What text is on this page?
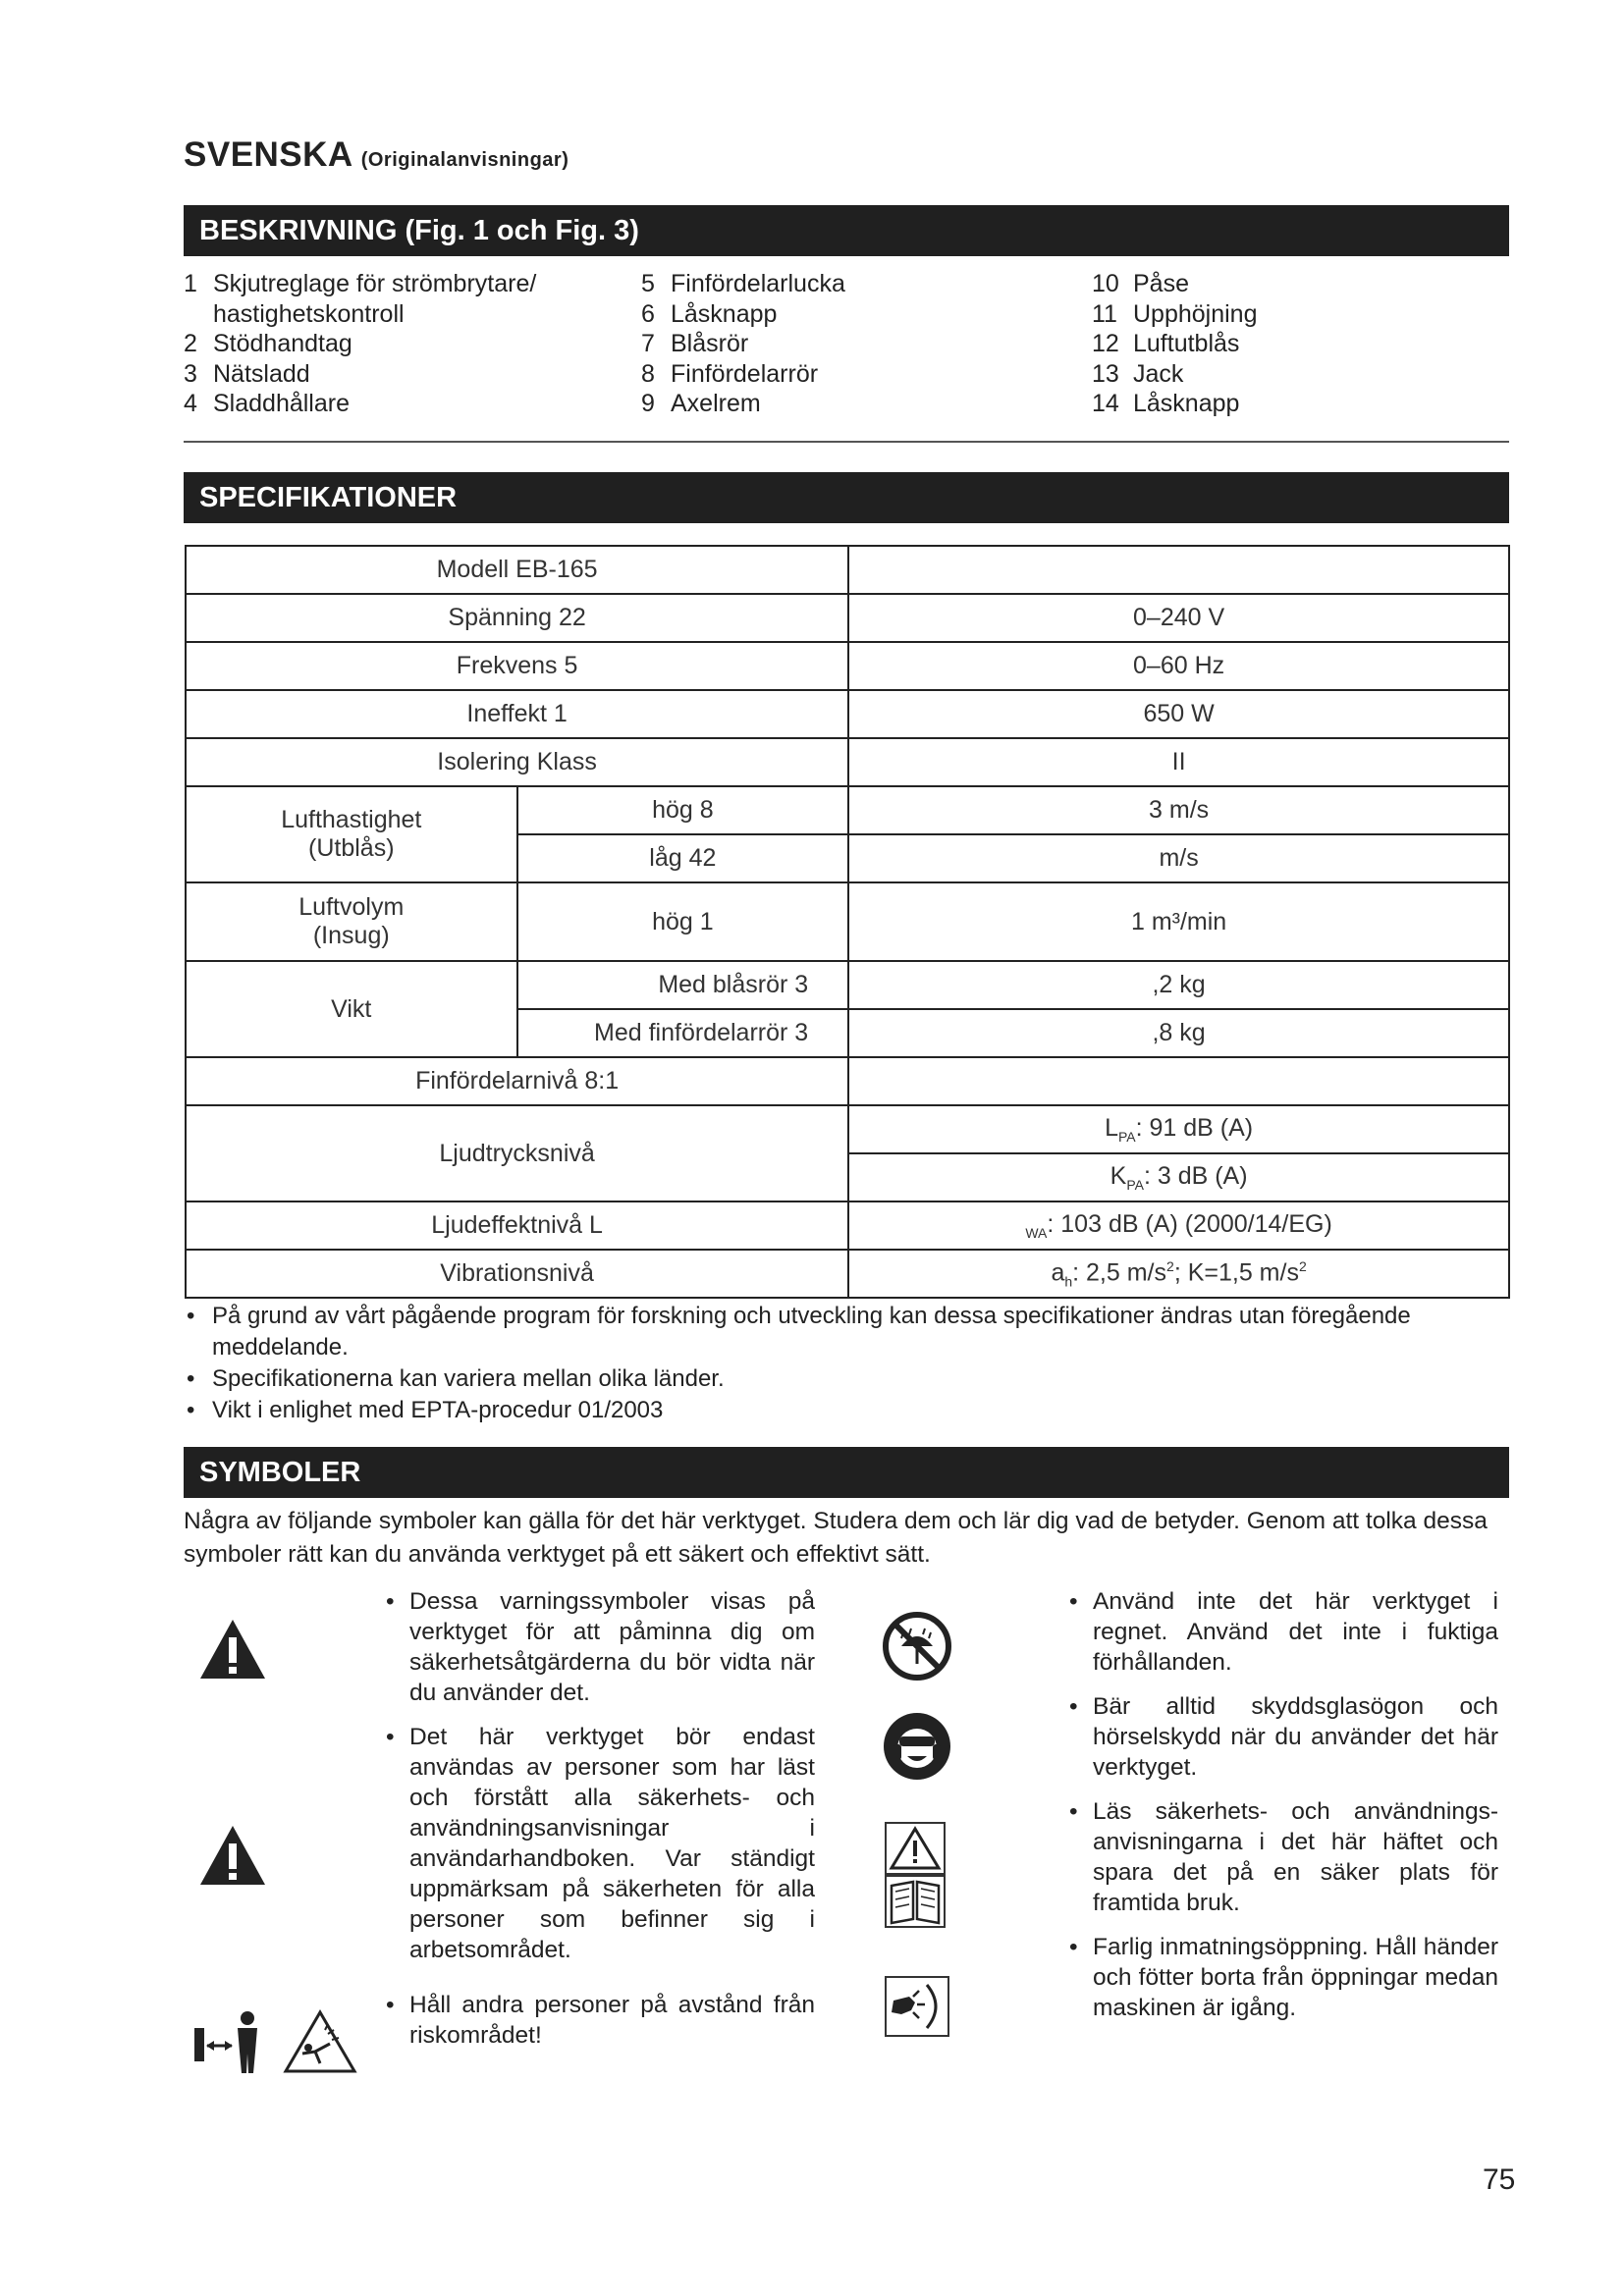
SVENSKA (Originalanvisningar)
BESKRIVNING (Fig. 1 och Fig. 3)
1 Skjutreglage för strömbrytare/
hastighetskontroll
2 Stödhandtag
3 Nätsladd
4 Sladdhållare
5 Finfördelarlucka
6 Låsknapp
7 Blåsrör
8 Finfördelarrör
9 Axelrem
10 Påse
11 Upphöjning
12 Luftutblås
13 Jack
14 Låsknapp
SPECIFIKATIONER
Modell EB-165		
Spänning 22		0–240 V
Frekvens 5		0–60 Hz
Ineffekt 1		650 W
Isolering Klass		II

Lufthastighet
(Utblås)	hög 8	3 m/s
	låg 42	m/s

Luftvolym
(Insug)	hög 1	1 m³/min
Vikt	Med blåsrör 3	,2 kg
	Med finfördelarrör 3	,8 kg
Finfördelarnivå 8:1		
Ljudtrycksnivå		$L_{PA}$: 91 dB (A)
		$K_{PA}$: 3 dB (A)
Ljudeffektnivå L		$_{WA}$: 103 dB (A) (2000/14/EG)
Vibrationsnivå		$a_h$: 2,5 $m/s^2$; K=1,5 $m/s^2$
• På grund av vårt pågående program för forskning och utveckling kan dessa specifikationer ändras utan föregående meddelande.
• Specifikationerna kan variera mellan olika länder.
• Vikt i enlighet med EPTA-procedur 01/2003
SYMBOLER
Några av följande symboler kan gälla för det här verktyget. Studera dem och lär dig vad de betyder. Genom att tolka dessa symboler rätt kan du använda verktyget på ett säkert och effektivt sätt.
• Dessa varningssymboler visas på verktyget för att påminna dig om säkerhetsåtgärderna du bör vidta när du använder det.
• Det här verktyget bör endast användas av personer som har läst och förstått alla säkerhets- och användningsanvisningar i användarhandboken. Var ständigt uppmärksam på säkerheten för alla personer som befinner sig i arbetsområdet.
• Håll andra personer på avstånd från riskområdet!
• Använd inte det här verktyget i regnet. Använd det inte i fuktiga förhållanden.
• Bär alltid skyddsglasögon och hörselskydd när du använder det här verktyget.
• Läs säkerhets- och användnings-anvisningarna i det här häftet och spara det på en säker plats för framtida bruk.
• Farlig inmatningsöppning. Håll händer och fötter borta från öppningar medan maskinen är igång.
75
